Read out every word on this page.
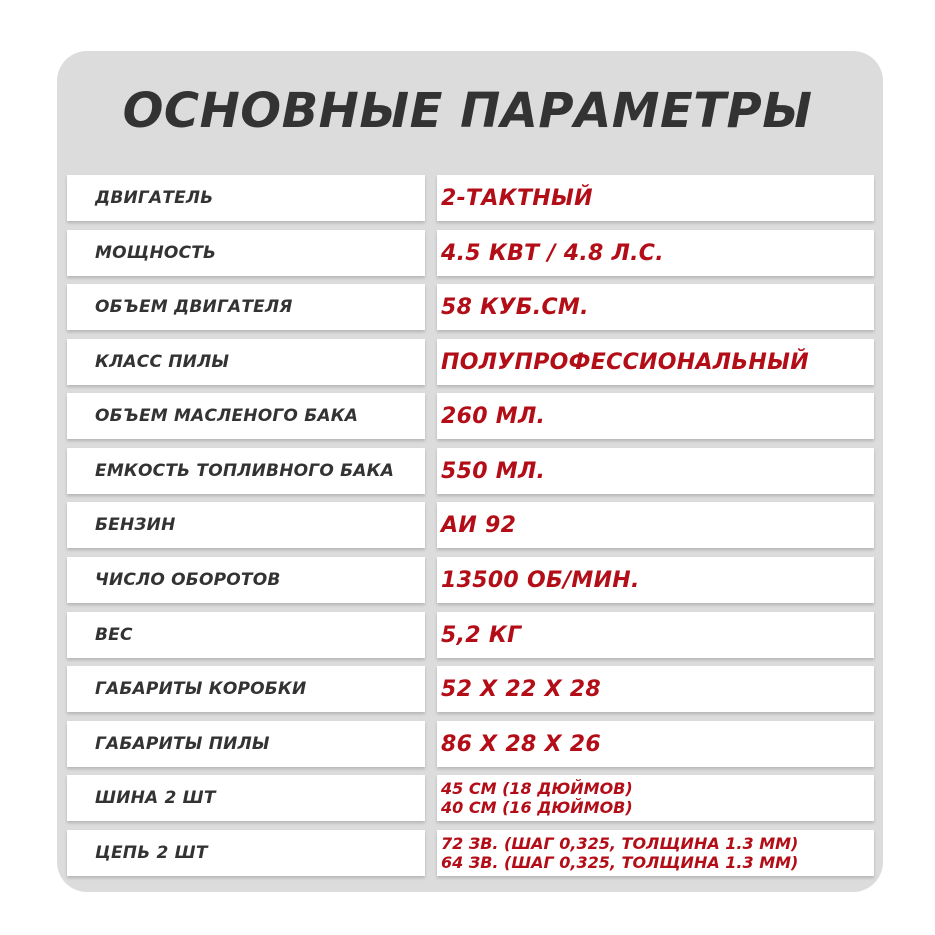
ОСНОВНЫЕ ПАРАМЕТРЫ
ДВИГАТЕЛЬ	2-ТАКТНЫЙ
МОЩНОСТЬ	4.5 КВТ / 4.8 Л.С.
ОБЪЕМ ДВИГАТЕЛЯ	58 КУБ.СМ.
КЛАСС ПИЛЫ	ПОЛУПРОФЕССИОНАЛЬНЫЙ
ОБЪЕМ МАСЛЕНОГО БАКА	260 МЛ.
ЕМКОСТЬ ТОПЛИВНОГО БАКА 550 МЛ.
БЕНЗИН	АИ 92
ЧИСЛО ОБОРОТОВ	13500 ОБ/МИН.
ВЕС	5,2 КГ
ГАБАРИТЫ КОРОБКИ	52 X 22 X 28
ГАБАРИТЫ ПИЛЫ	86 X 28 X 26
ШИНА 2 ШТ	45 СМ (18 ДЮЙМОВ)
40 СМ (16 ДЮЙМОВ)
ЦЕПЬ 2 ШТ	72 ЗВ. (ШАГ 0,325, ТОЛЩИНА 1.3 ММ)
64 ЗВ. (ШАГ 0,325, ТОЛЩИНА 1.3 ММ)
